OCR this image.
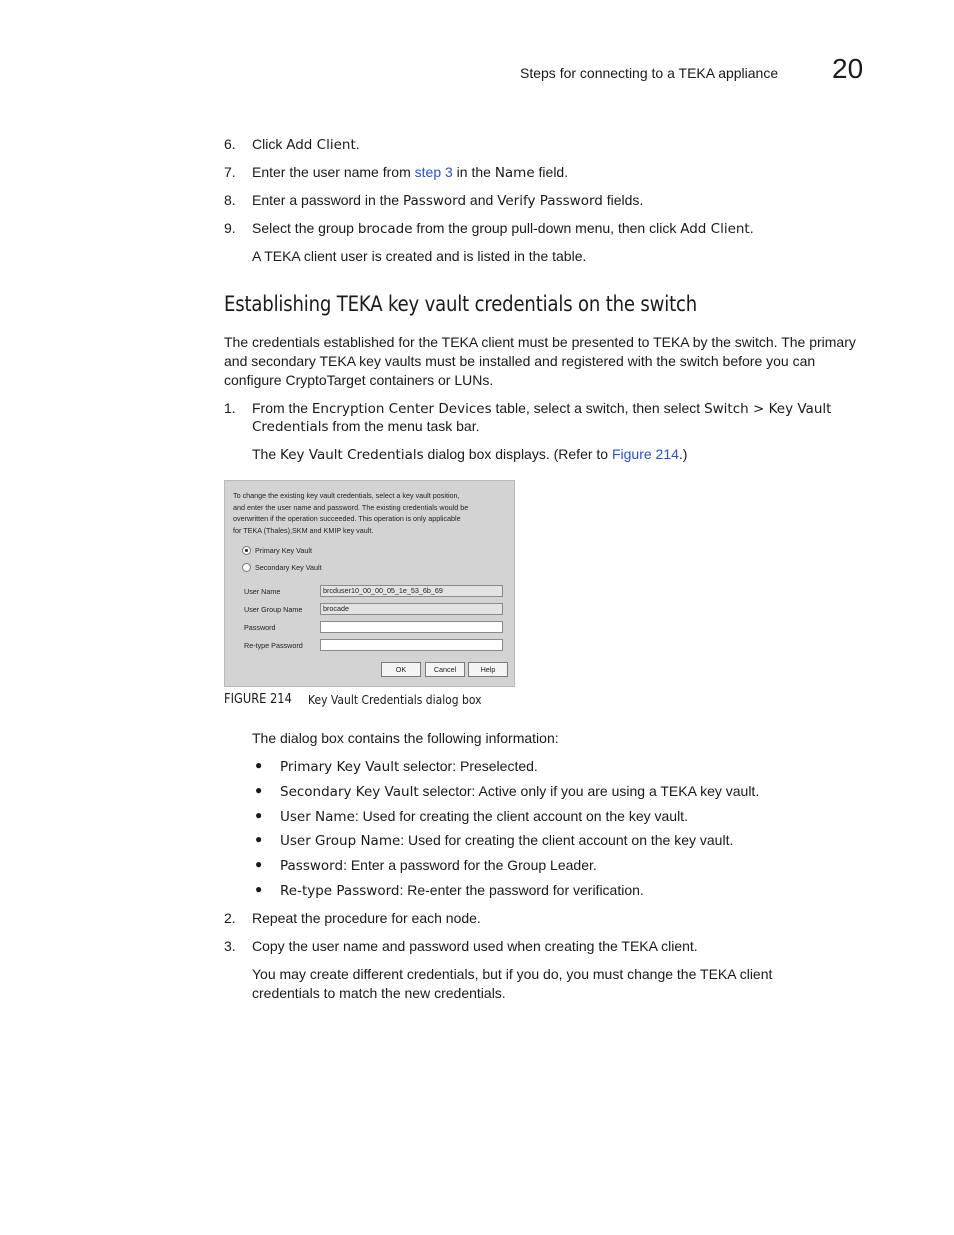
Steps for connecting to a TEKA appliance 20
6. Click Add Client.
7. Enter the user name from step 3 in the Name field.
8. Enter a password in the Password and Verify Password fields.
9. Select the group brocade from the group pull-down menu, then click Add Client.
A TEKA client user is created and is listed in the table.
Establishing TEKA key vault credentials on the switch
The credentials established for the TEKA client must be presented to TEKA by the switch. The primary and secondary TEKA key vaults must be installed and registered with the switch before you can configure CryptoTarget containers or LUNs.
1. From the Encryption Center Devices table, select a switch, then select Switch > Key Vault
Credentials from the menu task bar.
The Key Vault Credentials dialog box displays. (Refer to Figure 214.)
To change the existing key vault credentials, select a key vault position,
and enter the user name and password. The existing credentials would be
overwritten if the operation succeeded. This operation is only applicable
for TEKA (Thales),SKM and KMIP key vault.
Primary Key Vault
Secondary Key Vault
User Name	brcduser10_00_00_05_1e_53_6b_69
User Group Name	brocade
Password
Re-type Password
OK	Cancel	Help
FIGURE 214 Key Vault Credentials dialog box
The dialog box contains the following information:
● Primary Key Vault selector: Preselected.
● Secondary Key Vault selector: Active only if you are using a TEKA key vault.
● User Name: Used for creating the client account on the key vault.
● User Group Name: Used for creating the client account on the key vault.
● Password: Enter a password for the Group Leader.
● Re-type Password: Re-enter the password for verification.
2. Repeat the procedure for each node.
3. Copy the user name and password used when creating the TEKA client.
You may create different credentials, but if you do, you must change the TEKA client credentials to match the new credentials.
